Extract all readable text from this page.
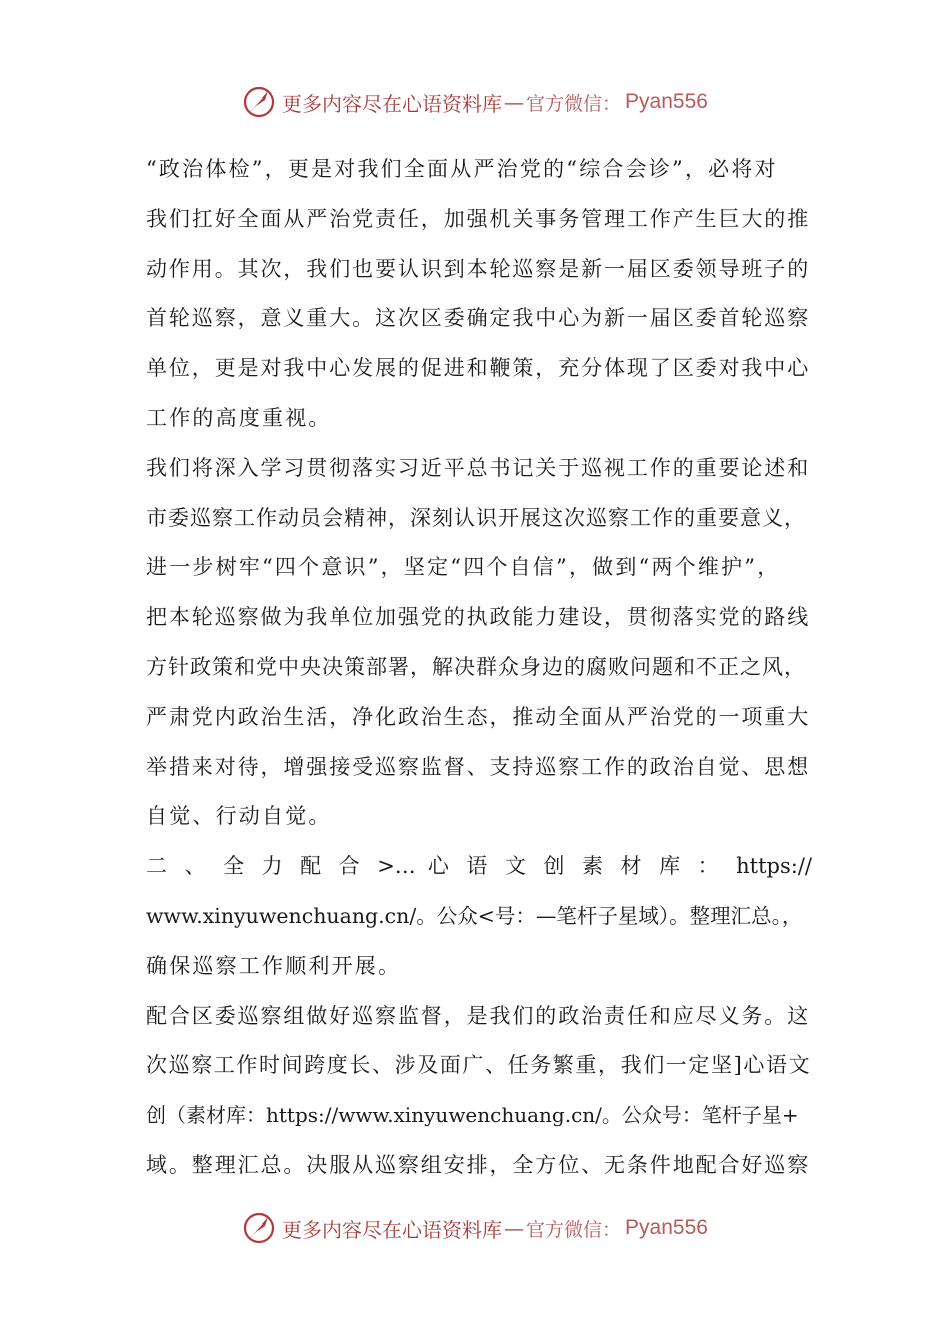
更多内容尽在心语资料库 — 官方微信： Pyan556
“政治体检”，更是对我们全面从严治党的“综合会诊”，必将对
我们扛好全面从严治党责任，加强机关事务管理工作产生巨大的推
动作用。其次，我们也要认识到本轮巡察是新一届区委领导班子的
首轮巡察，意义重大。这次区委确定我中心为新一届区委首轮巡察
单位，更是对我中心发展的促进和鞭策，充分体现了区委对我中心
工作的高度重视。
我们将深入学习贯彻落实习近平总书记关于巡视工作的重要论述和
市委巡察工作动员会精神，深刻认识开展这次巡察工作的重要意义，
进一步树牢“四个意识”，坚定“四个自信”，做到“两个维护”，
把本轮巡察做为我单位加强党的执政能力建设，贯彻落实党的路线
方针政策和党中央决策部署，解决群众身边的腐败问题和不正之风，
严肃党内政治生活，净化政治生态，推动全面从严治党的一项重大
举措来对待，增强接受巡察监督、支持巡察工作的政治自觉、思想
自觉、行动自觉。
二 、 全 力 配 合 >… 心 语 文 创 素 材 库 ： https://
www.xinyuwenchuang.cn/。公众<号：—笔杆子星域）。整理汇总。，
确保巡察工作顺利开展。
配合区委巡察组做好巡察监督，是我们的政治责任和应尽义务。这
次巡察工作时间跨度长、涉及面广、任务繁重，我们一定坚]心语文
创（素材库：https://www.xinyuwenchuang.cn/。公众号：笔杆子星+
域。整理汇总。决服从巡察组安排，全方位、无条件地配合好巡察
更多内容尽在心语资料库 — 官方微信： Pyan556
